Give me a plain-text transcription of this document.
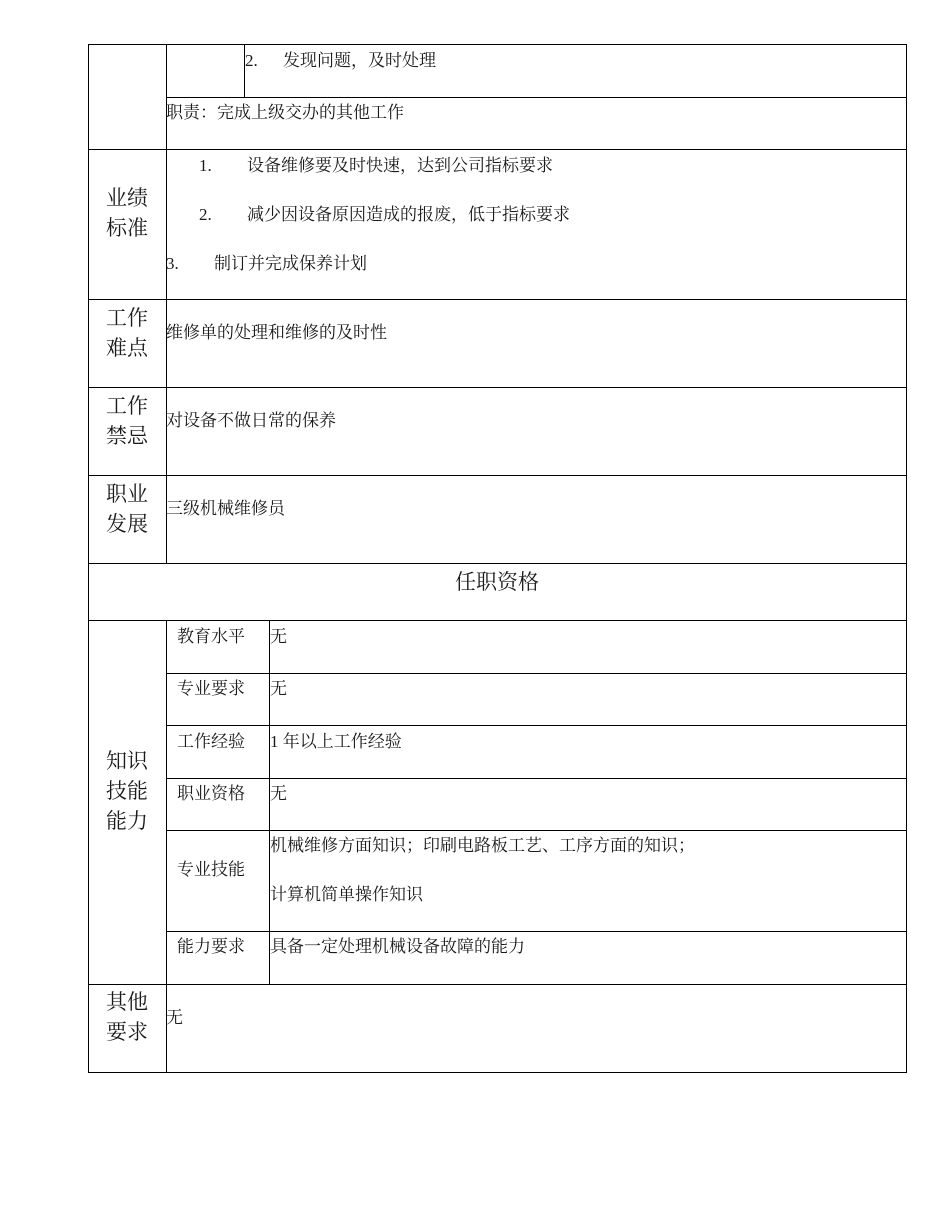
2. 发现问题，及时处理
职责：完成上级交办的其他工作
业绩
标准
1. 设备维修要及时快速，达到公司指标要求
2. 减少因设备原因造成的报废，低于指标要求
3. 制订并完成保养计划
工作
难点
维修单的处理和维修的及时性
工作
禁忌
对设备不做日常的保养
职业
发展
三级机械维修员
任职资格
知识
技能
能力
教育水平 无
专业要求 无
工作经验 1 年以上工作经验
职业资格 无
专业技能
机械维修方面知识；印刷电路板工艺、工序方面的知识；
计算机简单操作知识
能力要求 具备一定处理机械设备故障的能力
其他
要求
无
